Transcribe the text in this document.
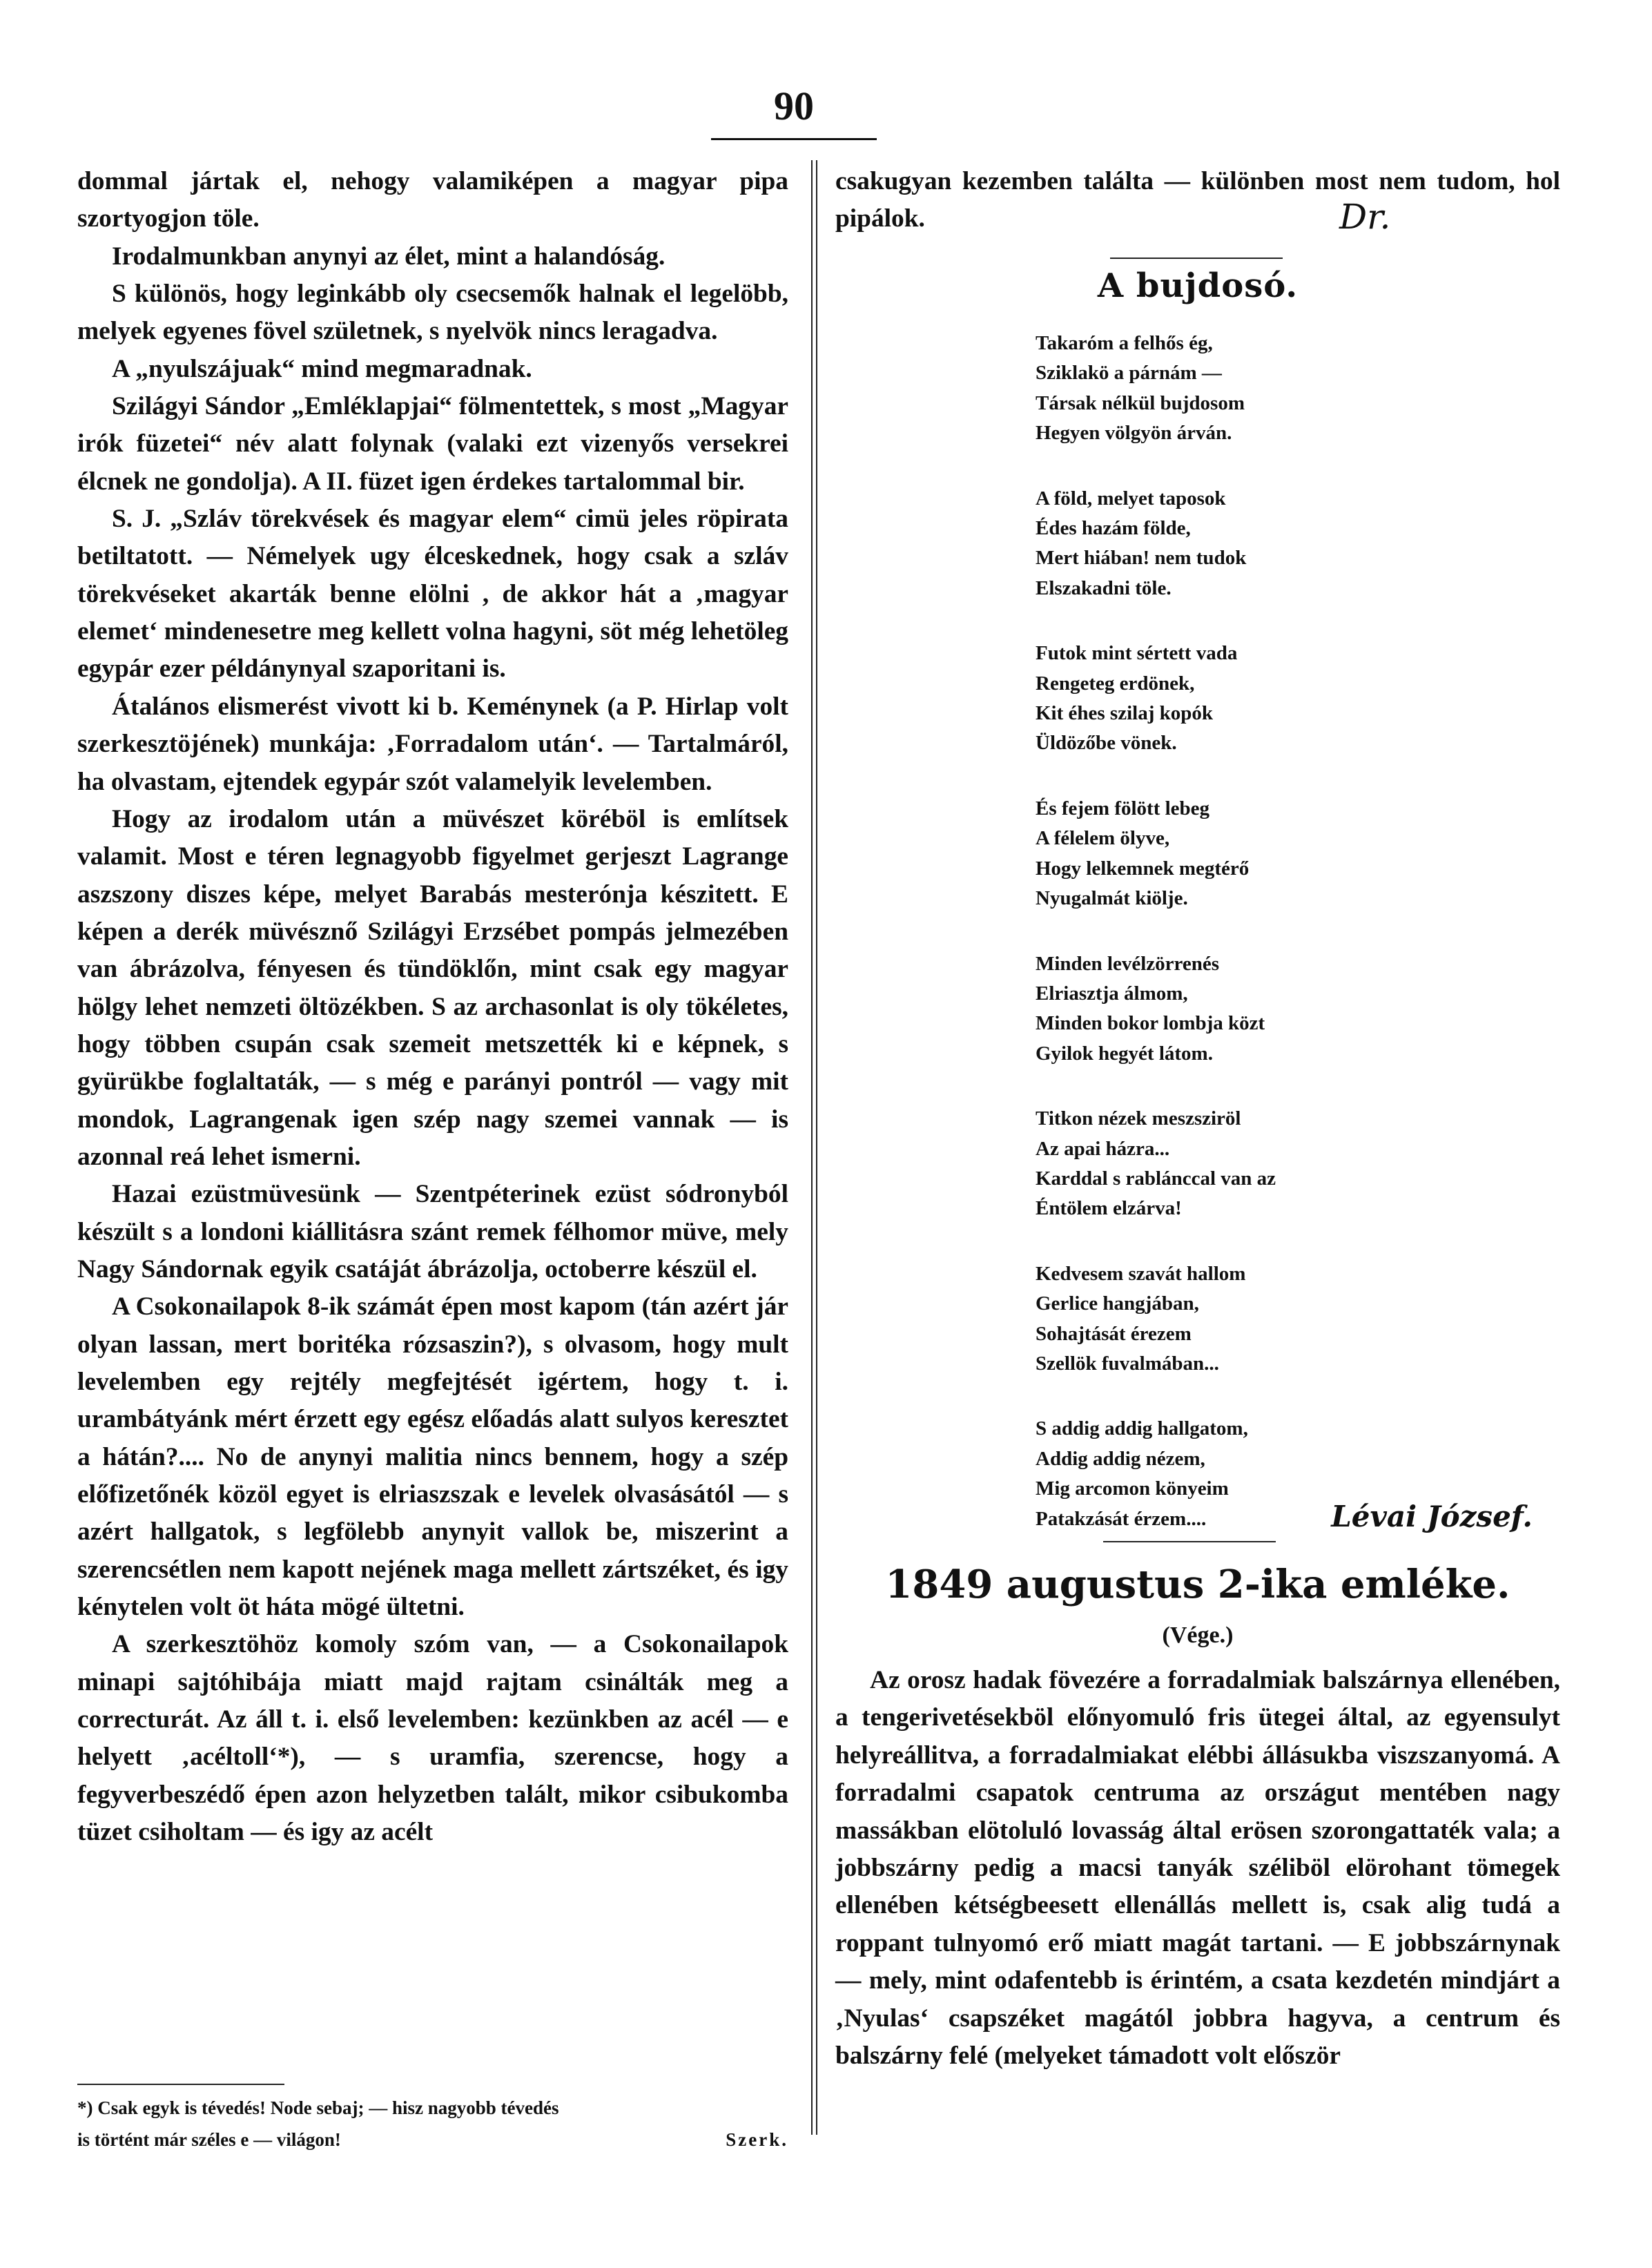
90

dommal jártak el, nehogy valamiképen a magyar pipa szortyogjon töle.

Irodalmunkban anynyi az élet, mint a halandóság.

S különös, hogy leginkább oly csecsemők halnak el legelöbb, melyek egyenes fövel születnek, s nyelvök nincs leragadva.

A „nyulszájuak“ mind megmaradnak.

Szilágyi Sándor „Emléklapjai“ fölmentettek, s most „Magyar irók füzetei“ név alatt folynak (valaki ezt vizenyős versekrei élcnek ne gondolja). A II. füzet igen érdekes tartalommal bir.

S. J. „Szláv törekvések és magyar elem“ cimü jeles röpirata betiltatott. — Némelyek ugy élceskednek, hogy csak a szláv törekvéseket akarták benne elölni , de akkor hát a ‚magyar elemet‘ mindenesetre meg kellett volna hagyni, söt még lehetöleg egypár ezer példánynyal szaporitani is.

Átalános elismerést vivott ki b. Keménynek (a P. Hirlap volt szerkesztöjének) munkája: ‚Forradalom után‘. — Tartalmáról, ha olvastam, ejtendek egypár szót valamelyik levelemben.

Hogy az irodalom után a müvészet köréböl is említsek valamit. Most e téren legnagyobb figyelmet gerjeszt Lagrange aszszony diszes képe, melyet Barabás mesterónja készitett. E képen a derék müvésznő Szilágyi Erzsébet pompás jelmezében van ábrázolva, fényesen és tündöklőn, mint csak egy magyar hölgy lehet nemzeti öltözékben. S az archasonlat is oly tökéletes, hogy többen csupán csak szemeit metszették ki e képnek, s gyürükbe foglaltaták, — s még e parányi pontról — vagy mit mondok, Lagrangenak igen szép nagy szemei vannak — is azonnal reá lehet ismerni.

Hazai ezüstmüvesünk — Szentpéterinek ezüst sódronyból készült s a londoni kiállitásra szánt remek félhomor müve, mely Nagy Sándornak egyik csatáját ábrázolja, octoberre készül el.

A Csokonailapok 8-ik számát épen most kapom (tán azért jár olyan lassan, mert boritéka rózsaszin?), s olvasom, hogy mult levelemben egy rejtély megfejtését igértem, hogy t. i. urambátyánk mért érzett egy egész előadás alatt sulyos keresztet a hátán?.... No de anynyi malitia nincs bennem, hogy a szép előfizetőnék közöl egyet is elriaszszak e levelek olvasásától — s azért hallgatok, s legfölebb anynyit vallok be, miszerint a szerencsétlen nem kapott nejének maga mellett zártszéket, és igy kénytelen volt öt háta mögé ültetni.

A szerkesztöhöz komoly szóm van, — a Csokonailapok minapi sajtóhibája miatt majd rajtam csinálták meg a correcturát. Az áll t. i. első levelemben: kezünkben az acél — e helyett ‚acéltoll‘*), — s uramfia, szerencse, hogy a fegyverbeszédő épen azon helyzetben talált, mikor csibukomba tüzet csiholtam — és igy az acélt

*) Csak egyk is tévedés! Node sebaj; — hisz nagyobb tévedés

is történt már széles e — világon!	Szerk.

csakugyan kezemben találta — különben most nem tudom, hol pipálok.	Dr.
A bujdosó.
Takaróm a felhős ég,
Sziklakö a párnám —
Társak nélkül bujdosom
Hegyen völgyön árván.
A föld, melyet taposok
Édes hazám földe,
Mert hiában! nem tudok
Elszakadni töle.
Futok mint sértett vada
Rengeteg erdönek,
Kit éhes szilaj kopók
Üldözőbe vönek.
És fejem fölött lebeg
A félelem ölyve,
Hogy lelkemnek megtérő
Nyugalmát kiölje.
Minden levélzörrenés
Elriasztja álmom,
Minden bokor lombja közt
Gyilok hegyét látom.
Titkon nézek meszsziröl
Az apai házra...
Karddal s rablánccal van az
Éntölem elzárva!
Kedvesem szavát hallom
Gerlice hangjában,
Sohajtását érezem
Szellök fuvalmában...
S addig addig hallgatom,
Addig addig nézem,
Mig arcomon könyeim
Patakzását érzem....	Lévai József.
1849 augustus 2-ika emléke.
(Vége.)

Az orosz hadak fövezére a forradalmiak balszárnya ellenében, a tengerivetésekböl előnyomuló fris ütegei által, az egyensulyt helyreállitva, a forradalmiakat elébbi állásukba viszszanyomá. A forradalmi csapatok centruma az országut mentében nagy massákban elötoluló lovasság által erösen szorongattaték vala; a jobbszárny pedig a macsi tanyák széliböl elörohant tömegek ellenében kétségbeesett ellenállás mellett is, csak alig tudá a roppant tulnyomó erő miatt magát tartani. — E jobbszárnynak — mely, mint odafentebb is érintém, a csata kezdetén mindjárt a ‚Nyulas‘ csapszéket magától jobbra hagyva, a centrum és balszárny felé (melyeket támadott volt először
